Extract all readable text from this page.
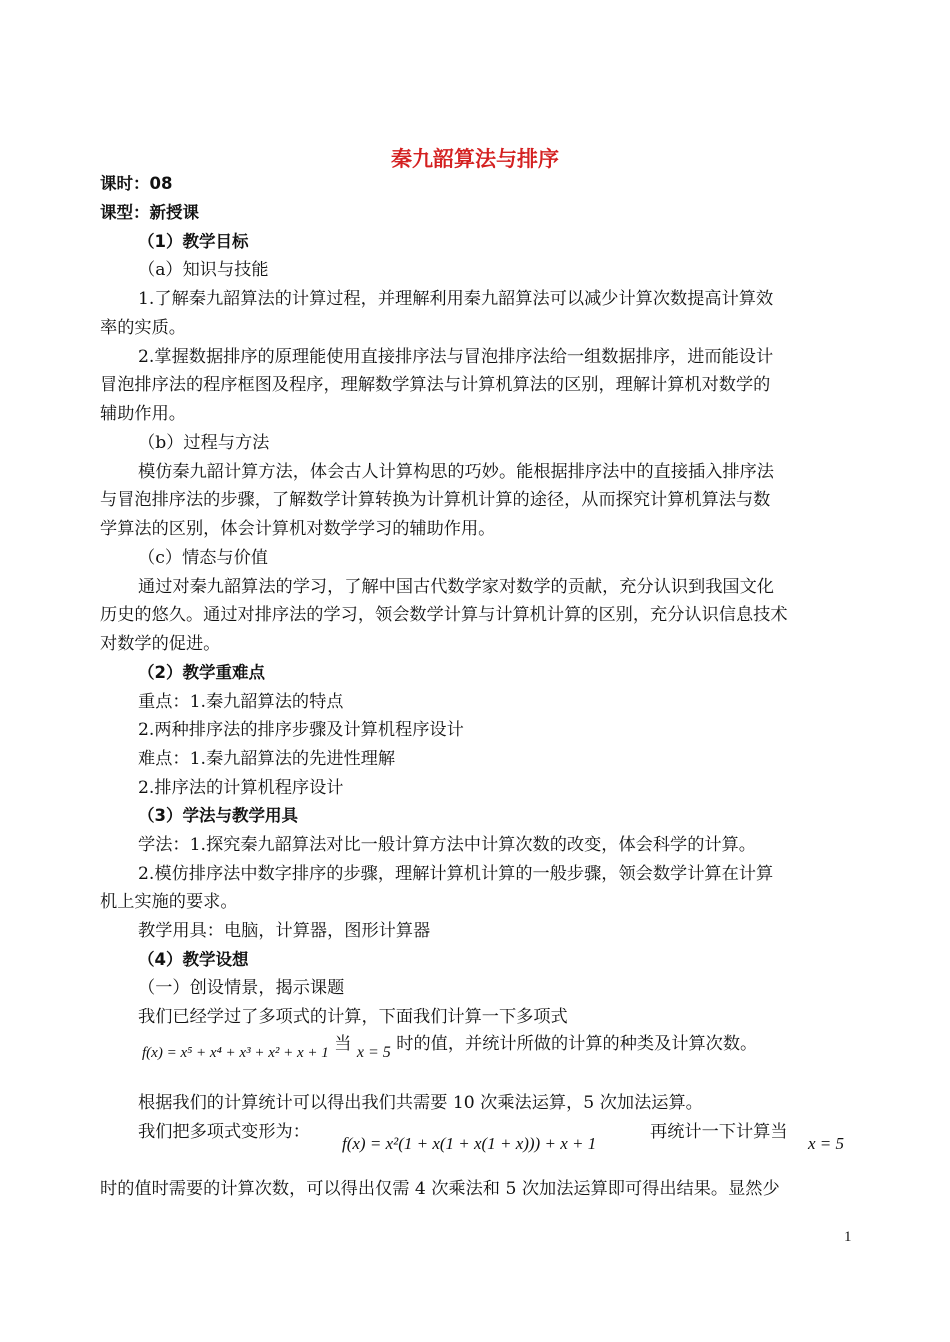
秦九韶算法与排序
课时：08
课型：新授课
（1）教学目标
（a）知识与技能
1.了解秦九韶算法的计算过程，并理解利用秦九韶算法可以减少计算次数提高计算效
率的实质。
2.掌握数据排序的原理能使用直接排序法与冒泡排序法给一组数据排序，进而能设计
冒泡排序法的程序框图及程序，理解数学算法与计算机算法的区别，理解计算机对数学的
辅助作用。
（b）过程与方法
模仿秦九韶计算方法，体会古人计算构思的巧妙。能根据排序法中的直接插入排序法
与冒泡排序法的步骤，了解数学计算转换为计算机计算的途径，从而探究计算机算法与数
学算法的区别，体会计算机对数学学习的辅助作用。
（c）情态与价值
通过对秦九韶算法的学习，了解中国古代数学家对数学的贡献，充分认识到我国文化
历史的悠久。通过对排序法的学习，领会数学计算与计算机计算的区别，充分认识信息技术
对数学的促进。
（2）教学重难点
重点：1.秦九韶算法的特点
2.两种排序法的排序步骤及计算机程序设计
难点：1.秦九韶算法的先进性理解
2.排序法的计算机程序设计
（3）学法与教学用具
学法：1.探究秦九韶算法对比一般计算方法中计算次数的改变，体会科学的计算。
2.模仿排序法中数字排序的步骤，理解计算机计算的一般步骤，领会数学计算在计算
机上实施的要求。
教学用具：电脑，计算器，图形计算器
（4）教学设想
（一）创设情景，揭示课题
我们已经学过了多项式的计算，下面我们计算一下多项式
f(x) = x⁵ + x⁴ + x³ + x² + x + 1 当 x = 5 时的值，并统计所做的计算的种类及计算次数。
根据我们的计算统计可以得出我们共需要 10 次乘法运算，5 次加法运算。
我们把多项式变形为：
f(x) = x²(1 + x(1 + x(1 + x))) + x + 1
再统计一下计算当
x = 5
时的值时需要的计算次数，可以得出仅需 4 次乘法和 5 次加法运算即可得出结果。显然少
1
